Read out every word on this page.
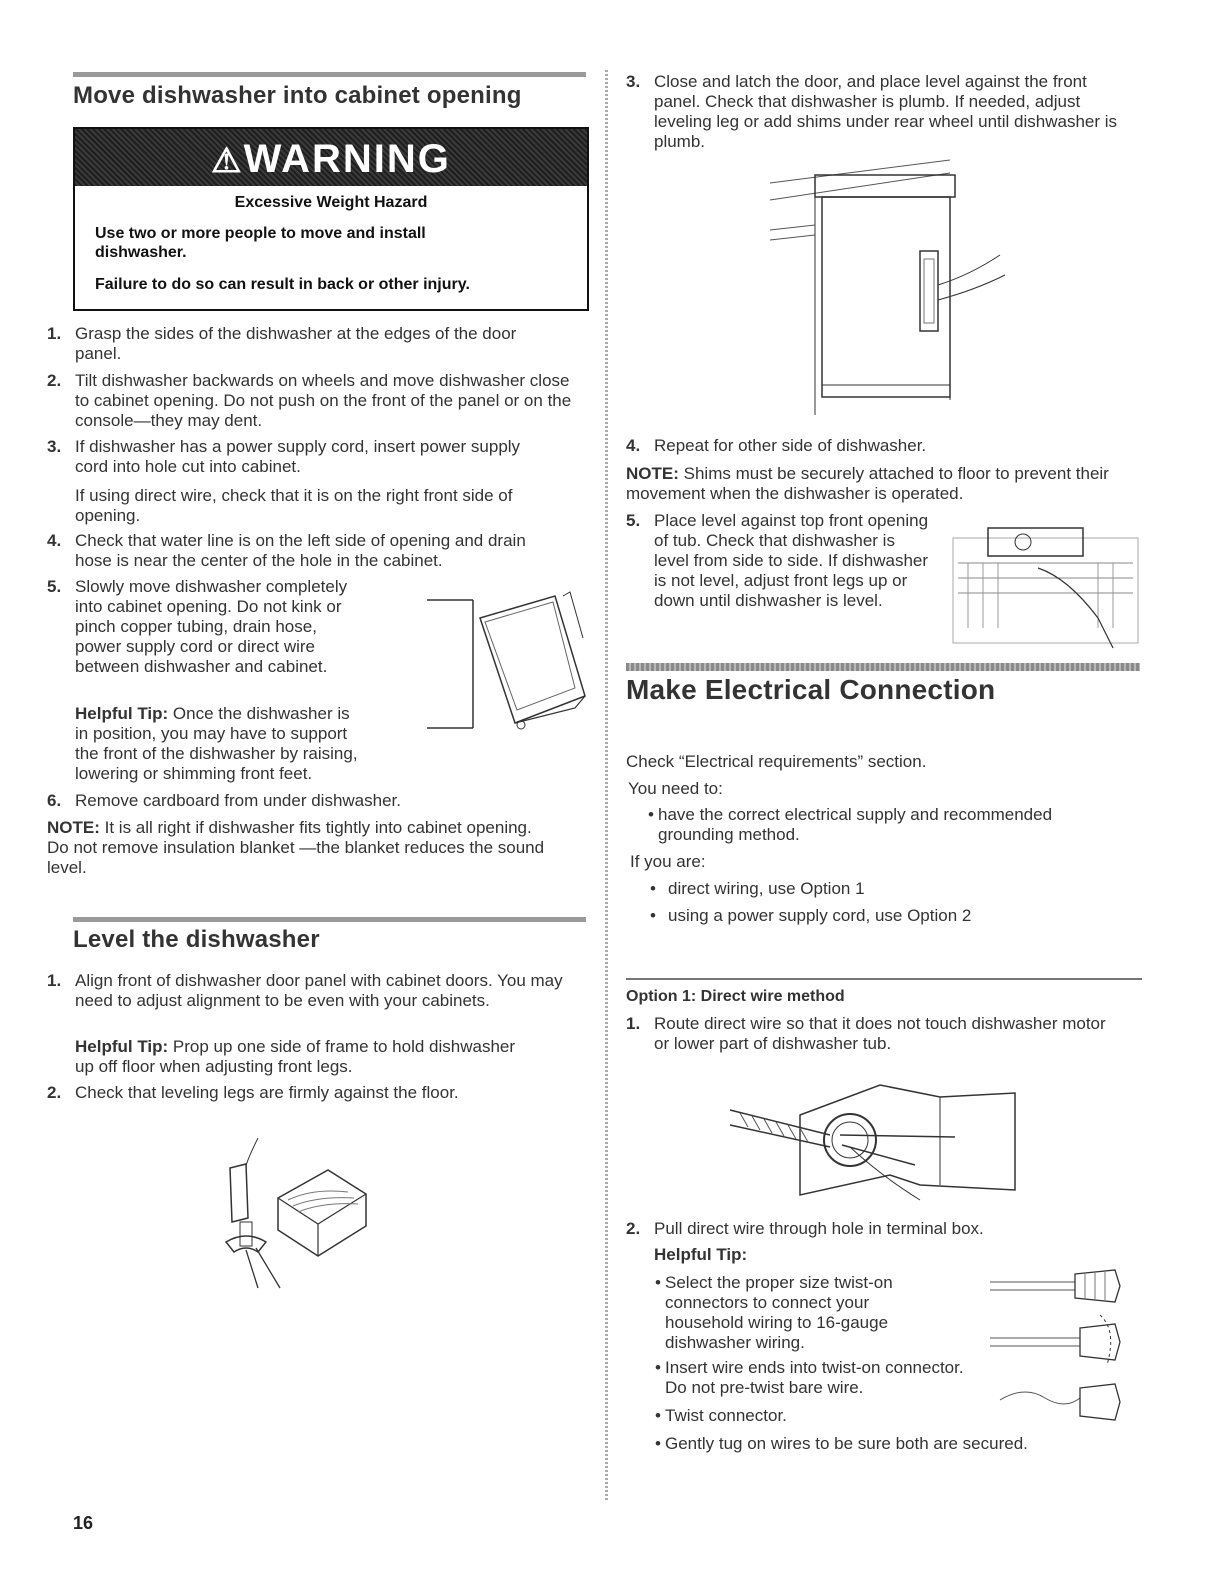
Move dishwasher into cabinet opening
⚠WARNING
Excessive Weight Hazard
Use two or more people to move and install dishwasher.
Failure to do so can result in back or other injury.
1. Grasp the sides of the dishwasher at the edges of the door panel.
2. Tilt dishwasher backwards on wheels and move dishwasher close to cabinet opening. Do not push on the front of the panel or on the console—they may dent.
3. If dishwasher has a power supply cord, insert power supply cord into hole cut into cabinet.
If using direct wire, check that it is on the right front side of opening.
4. Check that water line is on the left side of opening and drain hose is near the center of the hole in the cabinet.
5. Slowly move dishwasher completely into cabinet opening. Do not kink or pinch copper tubing, drain hose, power supply cord or direct wire between dishwasher and cabinet.
Helpful Tip: Once the dishwasher is in position, you may have to support the front of the dishwasher by raising, lowering or shimming front feet.
6. Remove cardboard from under dishwasher.
NOTE: It is all right if dishwasher fits tightly into cabinet opening. Do not remove insulation blanket —the blanket reduces the sound level.
Level the dishwasher
1. Align front of dishwasher door panel with cabinet doors. You may need to adjust alignment to be even with your cabinets.
Helpful Tip: Prop up one side of frame to hold dishwasher up off floor when adjusting front legs.
2. Check that leveling legs are firmly against the floor.
16
3. Close and latch the door, and place level against the front panel. Check that dishwasher is plumb. If needed, adjust leveling leg or add shims under rear wheel until dishwasher is plumb.
4. Repeat for other side of dishwasher.
NOTE: Shims must be securely attached to floor to prevent their movement when the dishwasher is operated.
5. Place level against top front opening of tub. Check that dishwasher is level from side to side. If dishwasher is not level, adjust front legs up or down until dishwasher is level.
Make Electrical Connection
Check “Electrical requirements” section.
You need to:
• have the correct electrical supply and recommended grounding method.
If you are:
• direct wiring, use Option 1
• using a power supply cord, use Option 2
Option 1: Direct wire method
1. Route direct wire so that it does not touch dishwasher motor or lower part of dishwasher tub.
2. Pull direct wire through hole in terminal box.
Helpful Tip:
• Select the proper size twist-on connectors to connect your household wiring to 16-gauge dishwasher wiring.
• Insert wire ends into twist-on connector. Do not pre-twist bare wire.
• Twist connector.
• Gently tug on wires to be sure both are secured.
